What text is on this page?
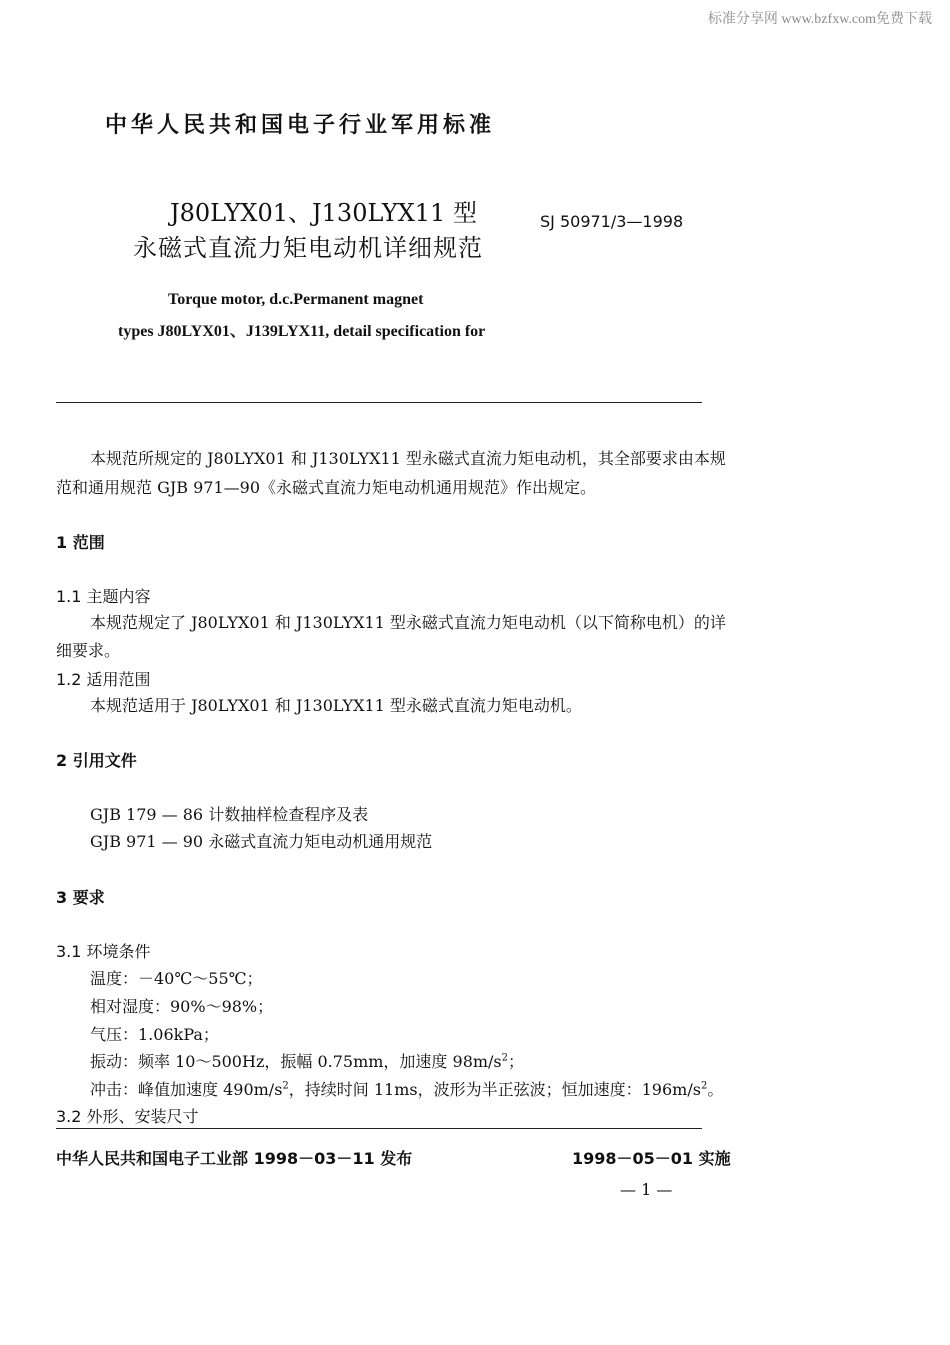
标准分享网 www.bzfxw.com免费下载
中华人民共和国电子行业军用标准
J80LYX01、J130LYX11 型
永磁式直流力矩电动机详细规范
SJ 50971/3—1998
Torque motor, d.c.Permanent magnet
types J80LYX01、J139LYX11, detail specification for
本规范所规定的 J80LYX01 和 J130LYX11 型永磁式直流力矩电动机，其全部要求由本规
范和通用规范 GJB 971—90《永磁式直流力矩电动机通用规范》作出规定。
1 范围
1.1 主题内容
本规范规定了 J80LYX01 和 J130LYX11 型永磁式直流力矩电动机（以下简称电机）的详
细要求。
1.2 适用范围
本规范适用于 J80LYX01 和 J130LYX11 型永磁式直流力矩电动机。
2 引用文件
GJB 179 — 86 计数抽样检查程序及表
GJB 971 — 90 永磁式直流力矩电动机通用规范
3 要求
3.1 环境条件
温度：－40℃～55℃；
相对湿度：90%～98%；
气压：1.06kPa；
振动：频率 10～500Hz，振幅 0.75mm，加速度 $98m/s^2$；
冲击：峰值加速度 $490m/s^2$，持续时间 11ms，波形为半正弦波；恒加速度：$196m/s^2$。
3.2 外形、安装尺寸
中华人民共和国电子工业部 1998－03－11 发布	1998－05－01 实施
— 1 —
